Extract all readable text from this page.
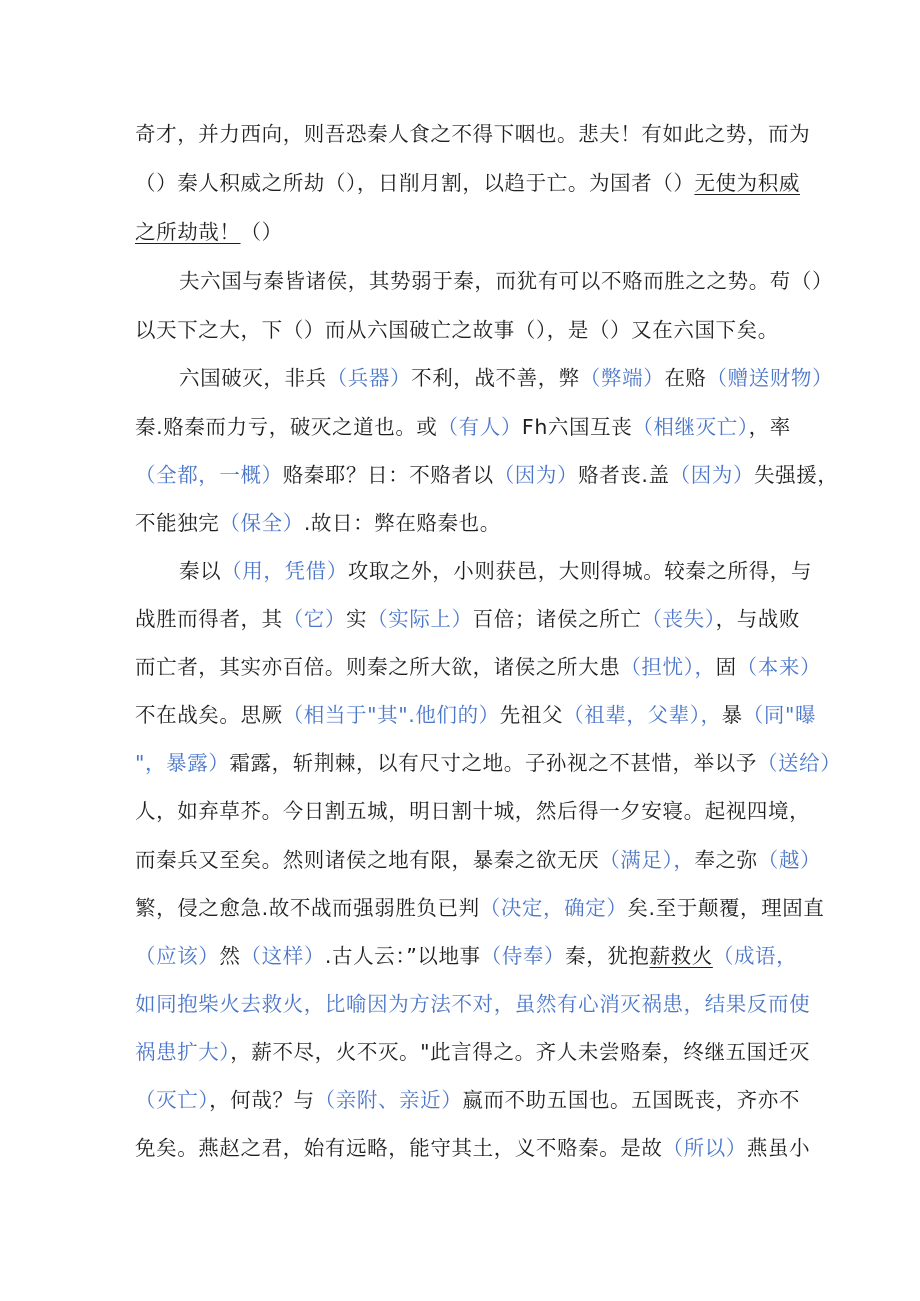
奇才，并力西向，则吾恐秦人食之不得下咽也。悲夫！有如此之势，而为
（）秦人积威之所劫（），日削月割，以趋于亡。为国者（）无使为积威
之所劫哉！（）
夫六国与秦皆诸侯，其势弱于秦，而犹有可以不赂而胜之之势。苟（）
以天下之大，下（）而从六国破亡之故事（），是（）又在六国下矣。
六国破灭，非兵（兵器）不利，战不善，弊（弊端）在赂（赠送财物）
秦.赂秦而力亏，破灭之道也。或（有人）Fh六国互丧（相继灭亡），率
（全都，一概）赂秦耶？日：不赂者以（因为）赂者丧.盖（因为）失强援，
不能独完（保全）.故日：弊在赂秦也。
秦以（用，凭借）攻取之外，小则获邑，大则得城。较秦之所得，与
战胜而得者，其（它）实（实际上）百倍；诸侯之所亡（丧失），与战败
而亡者，其实亦百倍。则秦之所大欲，诸侯之所大患（担忧），固（本来）
不在战矣。思厥（相当于"其".他们的）先祖父（祖辈，父辈），暴（同"曝
"，暴露）霜露，斩荆棘，以有尺寸之地。子孙视之不甚惜，举以予（送给）
人，如弃草芥。今日割五城，明日割十城，然后得一夕安寝。起视四境，
而秦兵又至矣。然则诸侯之地有限，暴秦之欲无厌（满足），奉之弥（越）
繁，侵之愈急.故不战而强弱胜负已判（决定，确定）矣.至于颠覆，理固直
（应该）然（这样）.古人云：”以地事（侍奉）秦，犹抱薪救火（成语，
如同抱柴火去救火，比喻因为方法不对，虽然有心消灭祸患，结果反而使
祸患扩大），薪不尽，火不灭。"此言得之。齐人未尝赂秦，终继五国迁灭
（灭亡），何哉？与（亲附、亲近）嬴而不助五国也。五国既丧，齐亦不
免矣。燕赵之君，始有远略，能守其土，义不赂秦。是故（所以）燕虽小
